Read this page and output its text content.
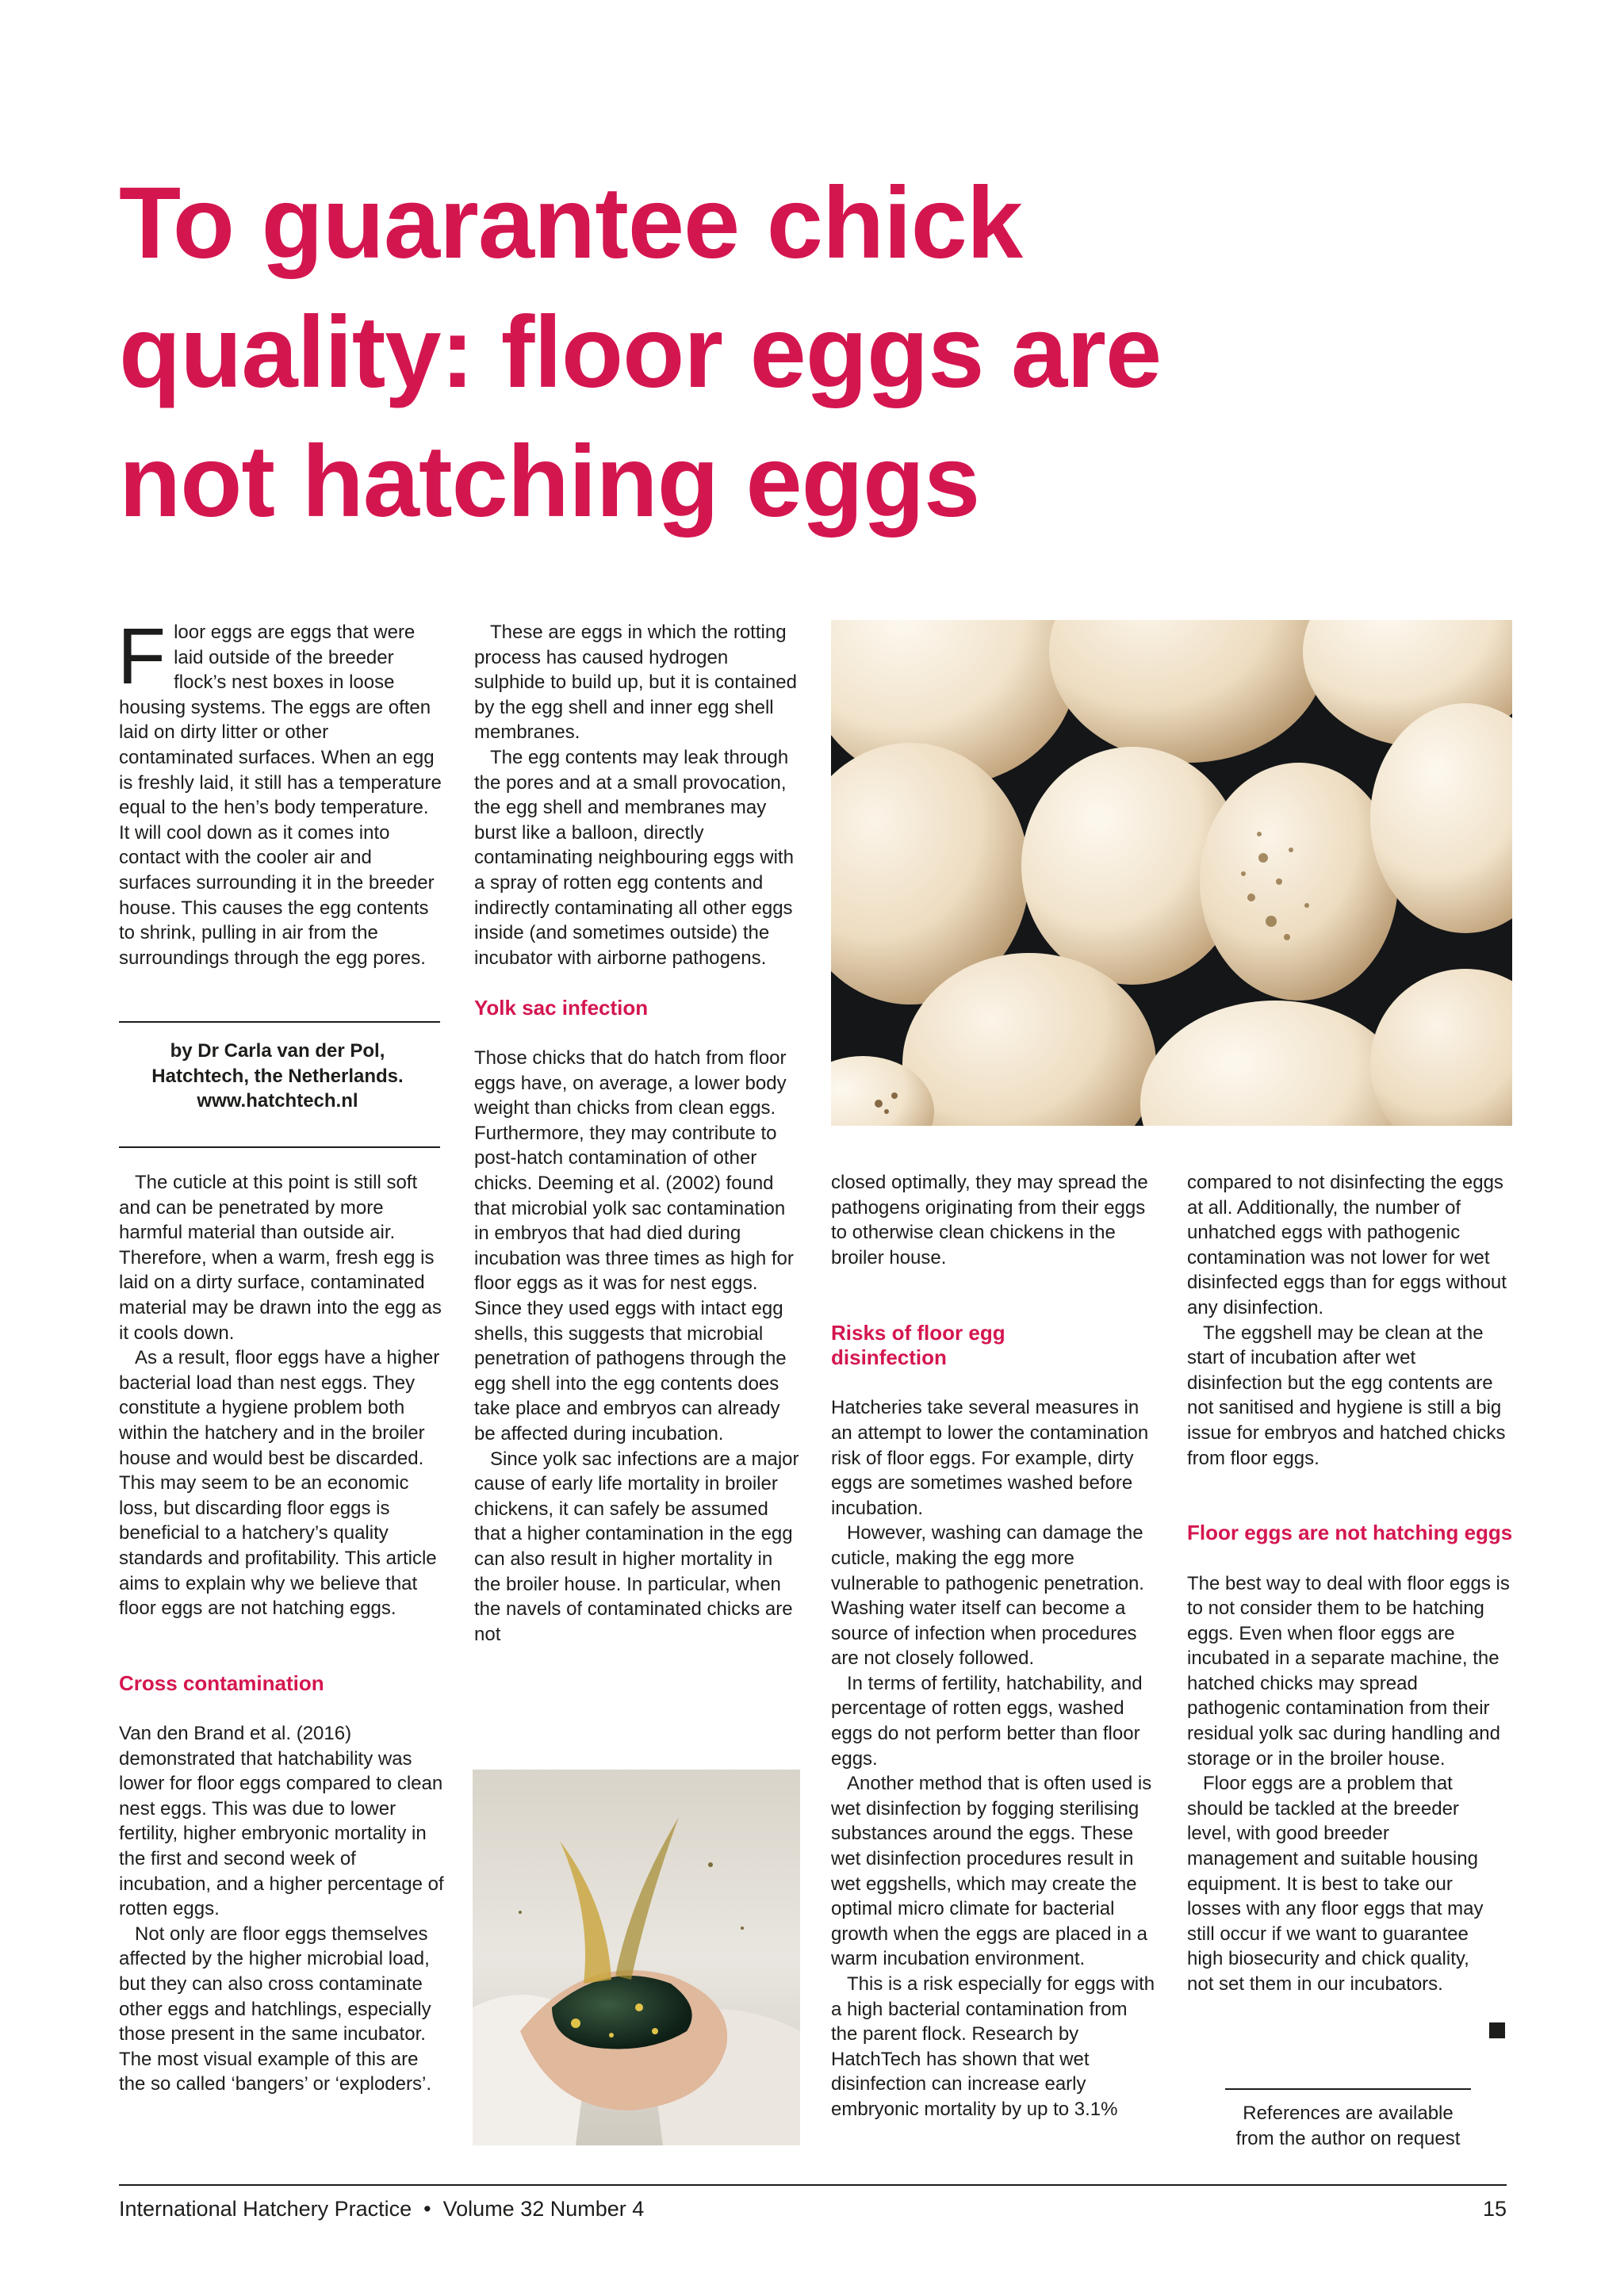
To guarantee chick
quality: floor eggs are
not hatching eggs

Floor eggs are eggs that were laid outside of the breeder flock’s nest boxes in loose housing systems. The eggs are often laid on dirty litter or other contaminated surfaces. When an egg is freshly laid, it still has a temperature equal to the hen’s body temperature. It will cool down as it comes into contact with the cooler air and surfaces surrounding it in the breeder house. This causes the egg contents to shrink, pulling in air from the surroundings through the egg pores.

by Dr Carla van der Pol,
Hatchtech, the Netherlands.
www.hatchtech.nl

The cuticle at this point is still soft and can be penetrated by more harmful material than outside air. Therefore, when a warm, fresh egg is laid on a dirty surface, contaminated material may be drawn into the egg as it cools down.

As a result, floor eggs have a higher bacterial load than nest eggs. They constitute a hygiene problem both within the hatchery and in the broiler house and would best be discarded. This may seem to be an economic loss, but discarding floor eggs is beneficial to a hatchery’s quality standards and profitability. This article aims to explain why we believe that floor eggs are not hatching eggs.

Cross contamination

Van den Brand et al. (2016) demonstrated that hatchability was lower for floor eggs compared to clean nest eggs. This was due to lower fertility, higher embryonic mortality in the first and second week of incubation, and a higher percentage of rotten eggs.

Not only are floor eggs themselves affected by the higher microbial load, but they can also cross contaminate other eggs and hatchlings, especially those present in the same incubator. The most visual example of this are the so called ‘bangers’ or ‘exploders’.

These are eggs in which the rotting process has caused hydrogen sulphide to build up, but it is contained by the egg shell and inner egg shell membranes.

The egg contents may leak through the pores and at a small provocation, the egg shell and membranes may burst like a balloon, directly contaminating neighbouring eggs with a spray of rotten egg contents and indirectly contaminating all other eggs inside (and sometimes outside) the incubator with airborne pathogens.

Yolk sac infection

Those chicks that do hatch from floor eggs have, on average, a lower body weight than chicks from clean eggs. Furthermore, they may contribute to post-hatch contamination of other chicks. Deeming et al. (2002) found that microbial yolk sac contamination in embryos that had died during incubation was three times as high for floor eggs as it was for nest eggs. Since they used eggs with intact egg shells, this suggests that microbial penetration of pathogens through the egg shell into the egg contents does take place and embryos can already be affected during incubation.

Since yolk sac infections are a major cause of early life mortality in broiler chickens, it can safely be assumed that a higher contamination in the egg can also result in higher mortality in the broiler house. In particular, when the navels of contaminated chicks are not

closed optimally, they may spread the pathogens originating from their eggs to otherwise clean chickens in the broiler house.

Risks of floor egg disinfection

Hatcheries take several measures in an attempt to lower the contamination risk of floor eggs. For example, dirty eggs are sometimes washed before incubation.

However, washing can damage the cuticle, making the egg more vulnerable to pathogenic penetration. Washing water itself can become a source of infection when procedures are not closely followed.

In terms of fertility, hatchability, and percentage of rotten eggs, washed eggs do not perform better than floor eggs.

Another method that is often used is wet disinfection by fogging sterilising substances around the eggs. These wet disinfection procedures result in wet eggshells, which may create the optimal micro climate for bacterial growth when the eggs are placed in a warm incubation environment.

This is a risk especially for eggs with a high bacterial contamination from the parent flock. Research by HatchTech has shown that wet disinfection can increase early embryonic mortality by up to 3.1%

compared to not disinfecting the eggs at all. Additionally, the number of unhatched eggs with pathogenic contamination was not lower for wet disinfected eggs than for eggs without any disinfection.

The eggshell may be clean at the start of incubation after wet disinfection but the egg contents are not sanitised and hygiene is still a big issue for embryos and hatched chicks from floor eggs.

Floor eggs are not hatching eggs

The best way to deal with floor eggs is to not consider them to be hatching eggs. Even when floor eggs are incubated in a separate machine, the hatched chicks may spread pathogenic contamination from their residual yolk sac during handling and storage or in the broiler house.

Floor eggs are a problem that should be tackled at the breeder level, with good breeder management and suitable housing equipment. It is best to take our losses with any floor eggs that may still occur if we want to guarantee high biosecurity and chick quality, not set them in our incubators.

References are available
from the author on request
International Hatchery Practice  •  Volume 32 Number 4	15
